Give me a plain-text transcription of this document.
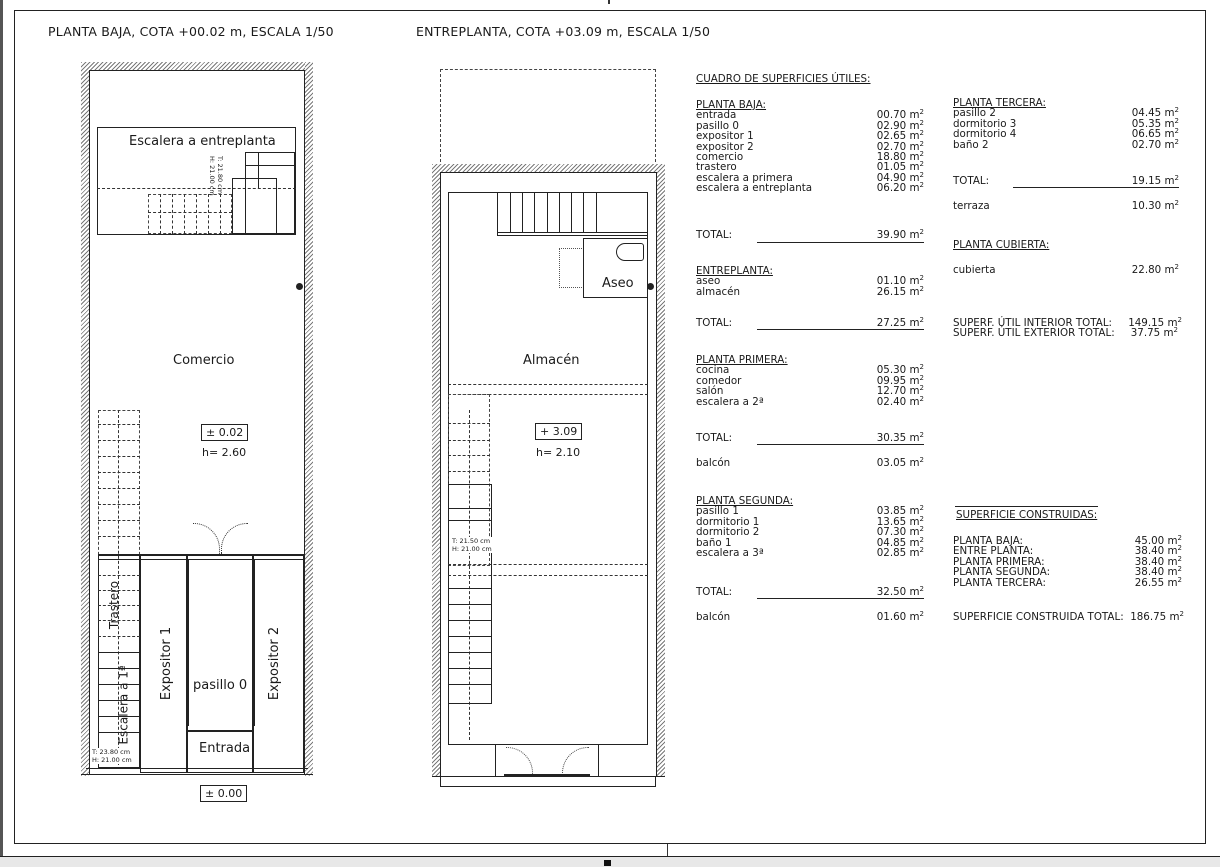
PLANTA BAJA, COTA +00.02 m, ESCALA 1/50
Escalera a entreplanta
T: 21.80 cm
H: 21.00 cm
Comercio
± 0.02
h= 2.60
Trastero
Escalera a 1ª
T: 23.80 cm
H: 21.00 cm
Expositor 1 pasillo 0 Expositor 2
Entrada
± 0.00
ENTREPLANTA, COTA +03.09 m, ESCALA 1/50
Aseo
Almacén
+ 3.09
h= 2.10
T: 21.50 cm
H: 21.00 cm
CUADRO DE SUPERFICIES ÚTILES:
PLANTA BAJA:
entrada	00.70 $m^2$
pasillo 0	02.90 $m^2$
expositor 1	02.65 $m^2$
expositor 2	02.70 $m^2$
comercio	18.80 $m^2$
trastero	01.05 $m^2$
escalera a primera	04.90 $m^2$
escalera a entreplanta	06.20 $m^2$
TOTAL:	39.90 $m^2$
ENTREPLANTA:
aseo	01.10 $m^2$
almacén	26.15 $m^2$
TOTAL:	27.25 $m^2$
PLANTA PRIMERA:
cocina	05.30 $m^2$
comedor	09.95 $m^2$
salón	12.70 $m^2$
escalera a 2ª	02.40 $m^2$
TOTAL:	30.35 $m^2$
balcón	03.05 $m^2$
PLANTA SEGUNDA:
pasillo 1	03.85 $m^2$
dormitorio 1	13.65 $m^2$
dormitorio 2	07.30 $m^2$
baño 1	04.85 $m^2$
escalera a 3ª	02.85 $m^2$
TOTAL:	32.50 $m^2$
balcón	01.60 $m^2$
PLANTA TERCERA:
pasillo 2	04.45 $m^2$
dormitorio 3	05.35 $m^2$
dormitorio 4	06.65 $m^2$
baño 2	02.70 $m^2$
TOTAL:	19.15 $m^2$
terraza	10.30 $m^2$
PLANTA CUBIERTA:
cubierta	22.80 $m^2$
SUPERF. ÚTIL INTERIOR TOTAL: 149.15 $m^2$
SUPERF. ÚTIL EXTERIOR TOTAL: 37.75 $m^2$
SUPERFICIE CONSTRUIDAS:
PLANTA BAJA:	45.00 $m^2$
ENTRE PLANTA:	38.40 $m^2$
PLANTA PRIMERA:	38.40 $m^2$
PLANTA SEGUNDA:	38.40 $m^2$
PLANTA TERCERA:	26.55 $m^2$
SUPERFICIE CONSTRUIDA TOTAL: 186.75 $m^2$
